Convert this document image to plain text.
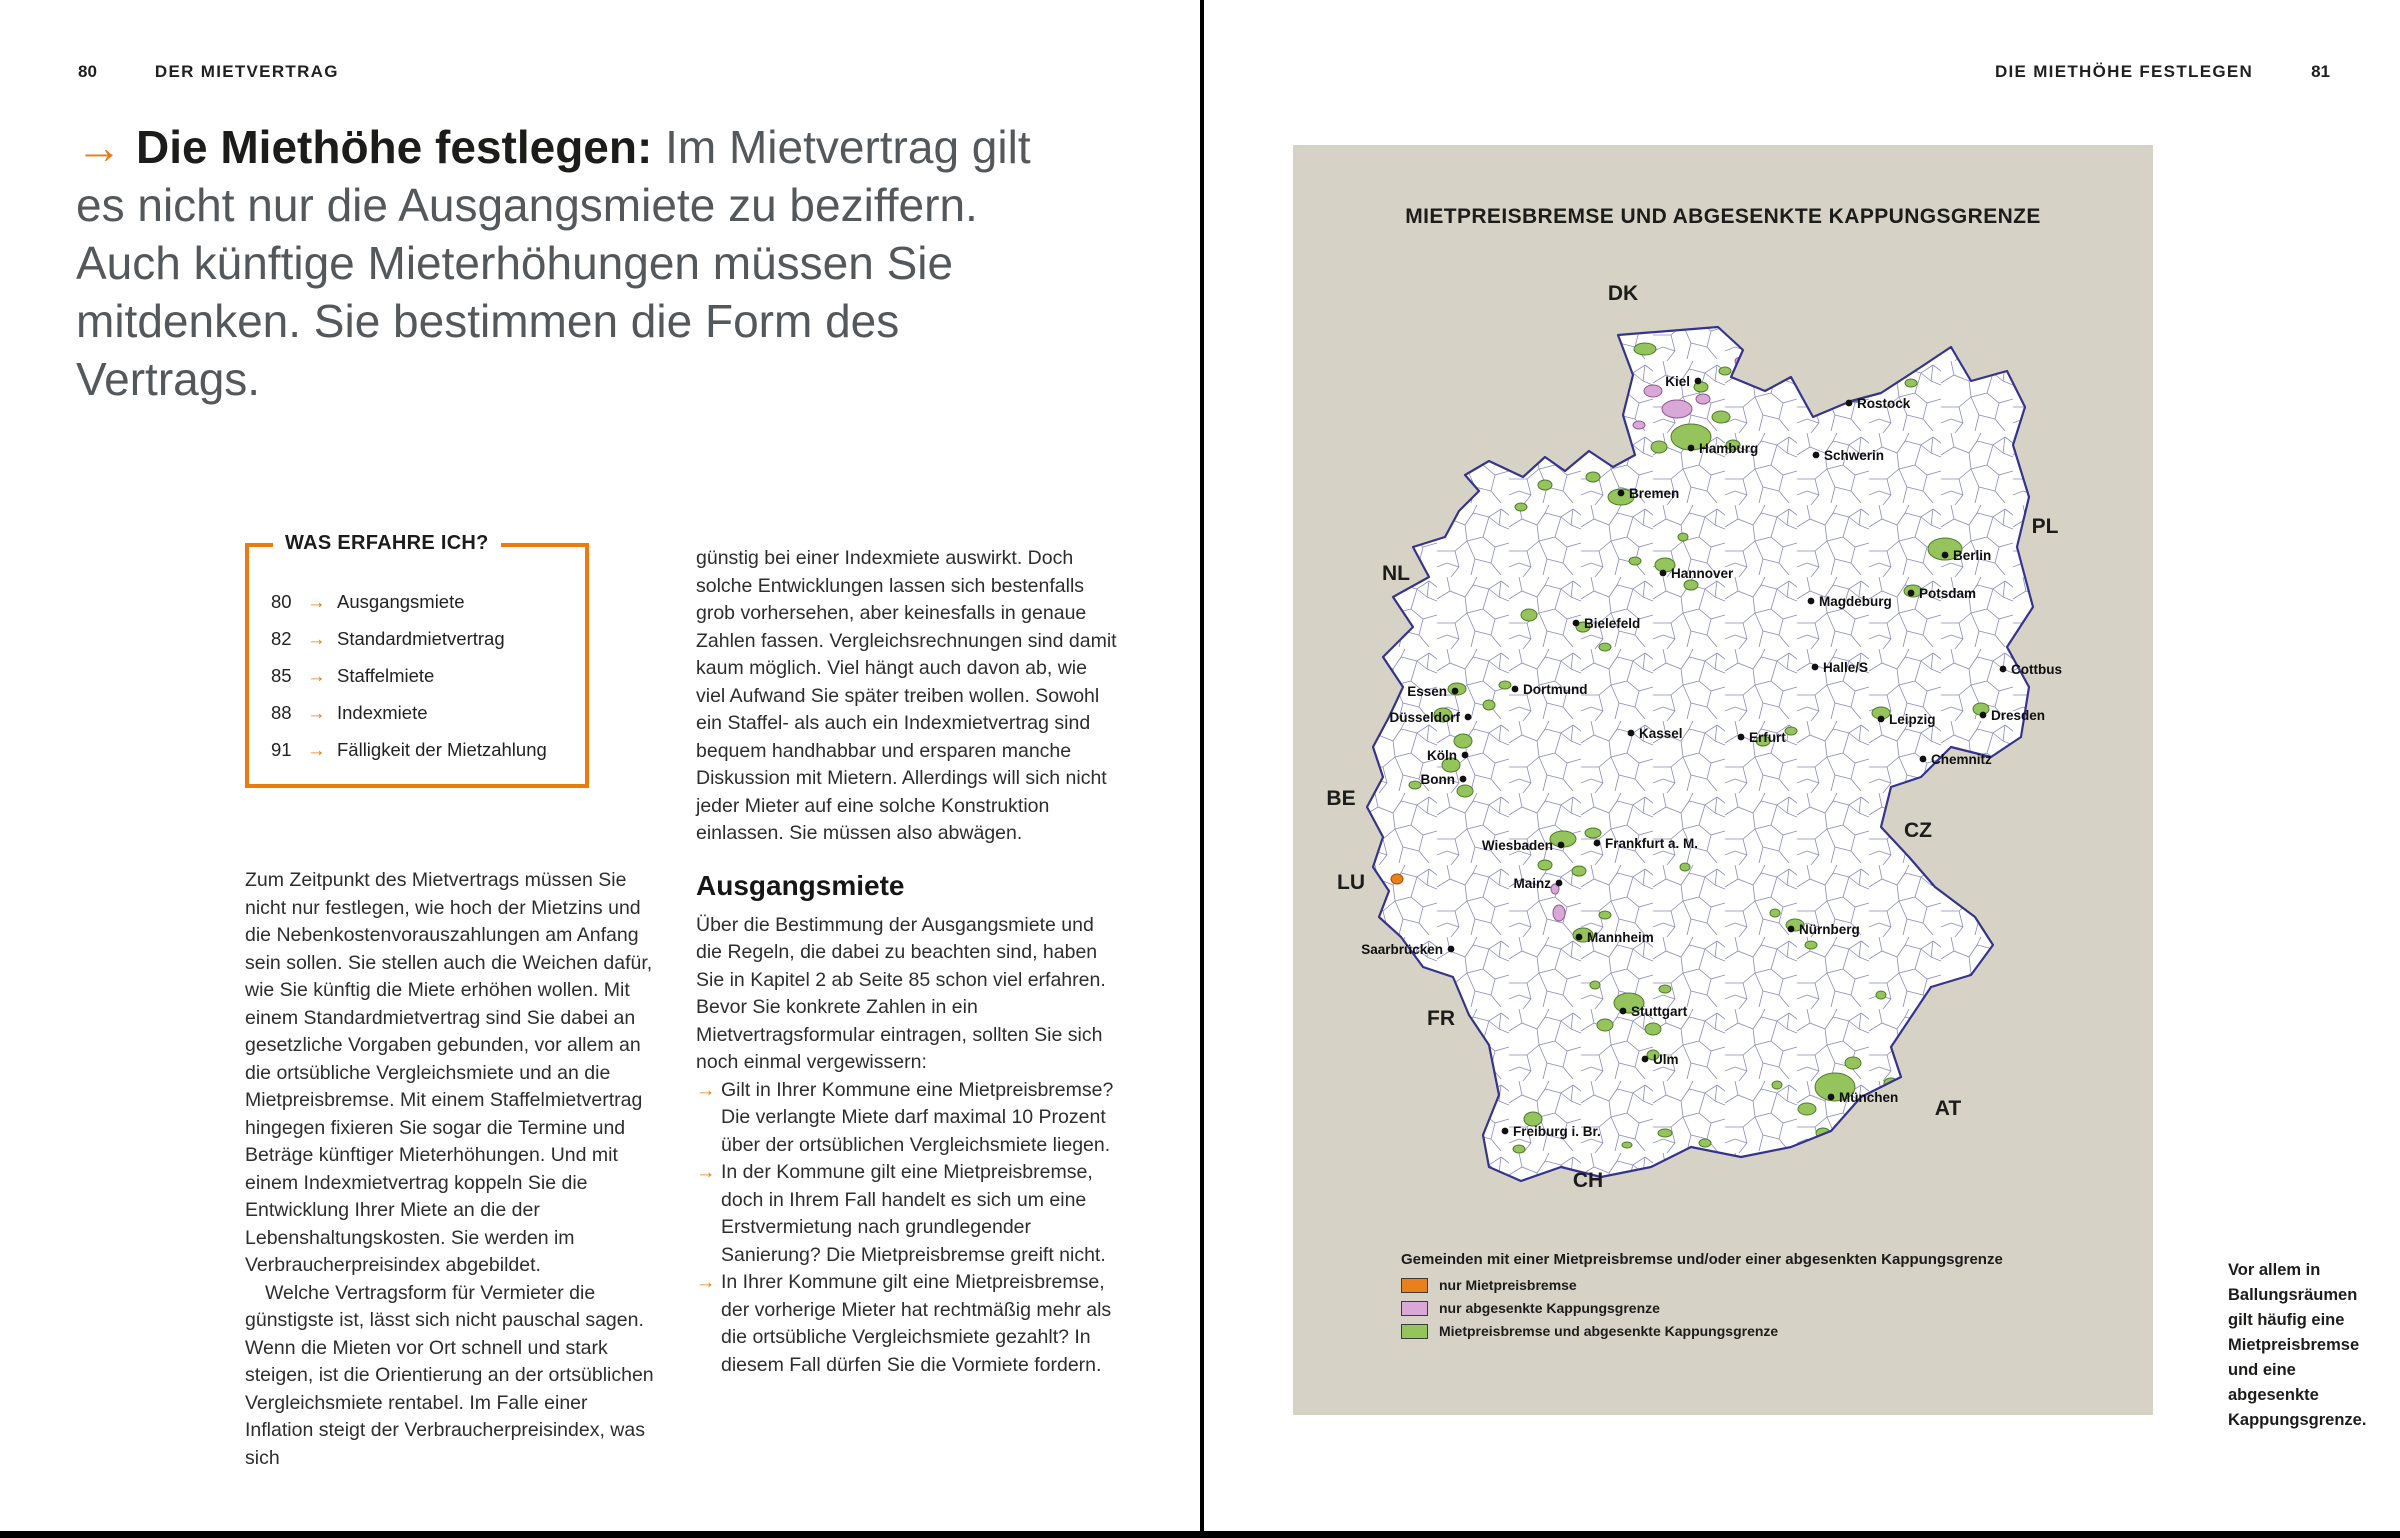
80	DER MIETVERTRAG
→ Die Miethöhe festlegen: Im Mietvertrag gilt es nicht nur die Ausgangsmiete zu beziffern. Auch künftige Mieterhöhungen müssen Sie mitdenken. Sie bestimmen die Form des Vertrags.
WAS ERFAHRE ICH?
80 → Ausgangsmiete
82 → Standardmietvertrag
85 → Staffelmiete
88 → Indexmiete
91 → Fälligkeit der Mietzahlung

Zum Zeitpunkt des Mietvertrags müssen Sie nicht nur festlegen, wie hoch der Mietzins und die Nebenkostenvorauszahlungen am Anfang sein sollen. Sie stellen auch die Weichen dafür, wie Sie künftig die Miete erhöhen wollen. Mit einem Standardmietvertrag sind Sie dabei an gesetzliche Vorgaben gebunden, vor allem an die ortsübliche Vergleichsmiete und an die Mietpreisbremse. Mit einem Staffelmietvertrag hingegen fixieren Sie sogar die Termine und Beträge künftiger Mieterhöhungen. Und mit einem Indexmietvertrag koppeln Sie die Entwicklung Ihrer Miete an die der Lebenshaltungskosten. Sie werden im Verbraucherpreisindex abgebildet.

Welche Vertragsform für Vermieter die günstigste ist, lässt sich nicht pauschal sagen. Wenn die Mieten vor Ort schnell und stark steigen, ist die Orientierung an der ortsüblichen Vergleichsmiete rentabel. Im Falle einer Inflation steigt der Verbraucherpreisindex, was sich

günstig bei einer Indexmiete auswirkt. Doch solche Entwicklungen lassen sich bestenfalls grob vorhersehen, aber keinesfalls in genaue Zahlen fassen. Vergleichsrechnungen sind damit kaum möglich. Viel hängt auch davon ab, wie viel Aufwand Sie später treiben wollen. Sowohl ein Staffel- als auch ein Indexmietvertrag sind bequem handhabbar und ersparen manche Diskussion mit Mietern. Allerdings will sich nicht jeder Mieter auf eine solche Konstruktion einlassen. Sie müssen also abwägen.

Ausgangsmiete

Über die Bestimmung der Ausgangsmiete und die Regeln, die dabei zu beachten sind, haben Sie in Kapitel 2 ab Seite 85 schon viel erfahren. Bevor Sie konkrete Zahlen in ein Mietvertragsformular eintragen, sollten Sie sich noch einmal vergewissern:

→ Gilt in Ihrer Kommune eine Mietpreisbremse? Die verlangte Miete darf maximal 10 Prozent über der ortsüblichen Vergleichsmiete liegen.
→ In der Kommune gilt eine Mietpreisbremse, doch in Ihrem Fall handelt es sich um eine Erstvermietung nach grundlegender Sanierung? Die Mietpreisbremse greift nicht.
→ In Ihrer Kommune gilt eine Mietpreisbremse, der vorherige Mieter hat rechtmäßig mehr als die ortsübliche Vergleichsmiete gezahlt? In diesem Fall dürfen Sie die Vormiete fordern.
DIE MIETHÖHE FESTLEGEN	81
Kiel
Rostock
Hamburg	Schwerin
Bremen
Hannover
Berlin
Potsdam
Magdeburg
Bielefeld
Halle/S	Cottbus
Essen	Dortmund
Düsseldorf	Leipzig	Dresden
Kassel	Erfurt
Köln	Chemnitz
Bonn
Wiesbaden	Frankfurt a. M.
Mainz
Nürnberg
Mannheim
Saarbrücken
Stuttgart
Ulm
München
Freiburg i. Br.
DK
PL
NL
BE
LU
FR
CH
AT
CZ
MIETPREISBREMSE UND ABGESENKTE KAPPUNGSGRENZE
Gemeinden mit einer Mietpreisbremse und/oder einer abgesenkten Kappungsgrenze
nur Mietpreisbremse
nur abgesenkte Kappungsgrenze
Mietpreisbremse und abgesenkte Kappungsgrenze
Vor allem in Ballungsräumen gilt häufig eine Mietpreisbremse und eine abgesenkte Kappungsgrenze.
